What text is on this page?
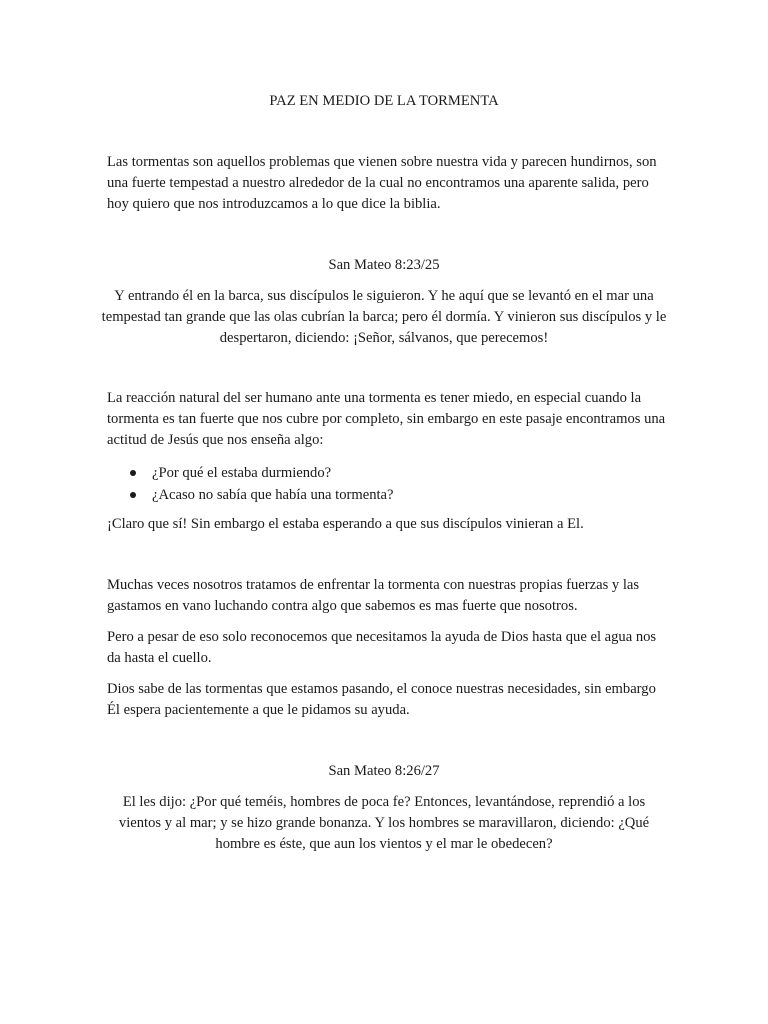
PAZ EN MEDIO DE LA TORMENTA

Las tormentas son aquellos problemas que vienen sobre nuestra vida y parecen hundirnos, son una fuerte tempestad a nuestro alrededor de la cual no encontramos una aparente salida, pero hoy quiero que nos introduzcamos a lo que dice la biblia.

San Mateo 8:23/25

Y entrando él en la barca, sus discípulos le siguieron. Y he aquí que se levantó en el mar una tempestad tan grande que las olas cubrían la barca; pero él dormía. Y vinieron sus discípulos y le despertaron, diciendo: ¡Señor, sálvanos, que perecemos!

La reacción natural del ser humano ante una tormenta es tener miedo, en especial cuando la tormenta es tan fuerte que nos cubre por completo, sin embargo en este pasaje encontramos una actitud de Jesús que nos enseña algo:

¿Por qué el estaba durmiendo?
¿Acaso no sabía que había una tormenta?

¡Claro que sí! Sin embargo el estaba esperando a que sus discípulos vinieran a El.

Muchas veces nosotros tratamos de enfrentar la tormenta con nuestras propias fuerzas y las gastamos en vano luchando contra algo que sabemos es mas fuerte que nosotros.

Pero a pesar de eso solo reconocemos que necesitamos la ayuda de Dios hasta que el agua nos da hasta el cuello.

Dios sabe de las tormentas que estamos pasando, el conoce nuestras necesidades, sin embargo Él espera pacientemente a que le pidamos su ayuda.

San Mateo 8:26/27

El les dijo: ¿Por qué teméis, hombres de poca fe? Entonces, levantándose, reprendió a los vientos y al mar; y se hizo grande bonanza. Y los hombres se maravillaron, diciendo: ¿Qué hombre es éste, que aun los vientos y el mar le obedecen?
